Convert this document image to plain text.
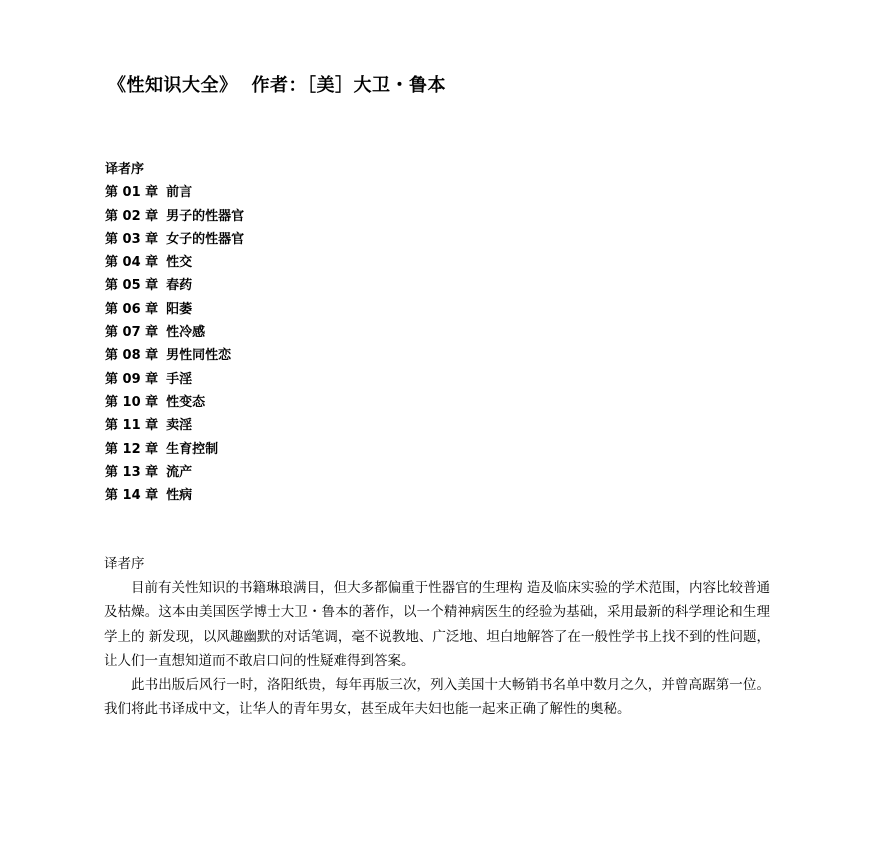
《性知识大全》 作者：［美］大卫・鲁本
译者序
第 01 章 前言
第 02 章 男子的性器官
第 03 章 女子的性器官
第 04 章 性交
第 05 章 春药
第 06 章 阳萎
第 07 章 性冷感
第 08 章 男性同性恋
第 09 章 手淫
第 10 章 性变态
第 11 章 卖淫
第 12 章 生育控制
第 13 章 流产
第 14 章 性病
译者序

目前有关性知识的书籍琳琅满目，但大多都偏重于性器官的生理构 造及临床实验的学术范围，内容比较普通及枯燥。这本由美国医学博士大卫・鲁本的著作，以一个精神病医生的经验为基础，采用最新的科学理论和生理学上的 新发现，以风趣幽默的对话笔调，毫不说教地、广泛地、坦白地解答了在一般性学书上找不到的性问题，让人们一直想知道而不敢启口问的性疑难得到答案。

此书出版后风行一时，洛阳纸贵，每年再版三次，列入美国十大畅销书名单中数月之久，并曾高踞第一位。我们将此书译成中文，让华人的青年男女，甚至成年夫妇也能一起来正确了解性的奥秘。
